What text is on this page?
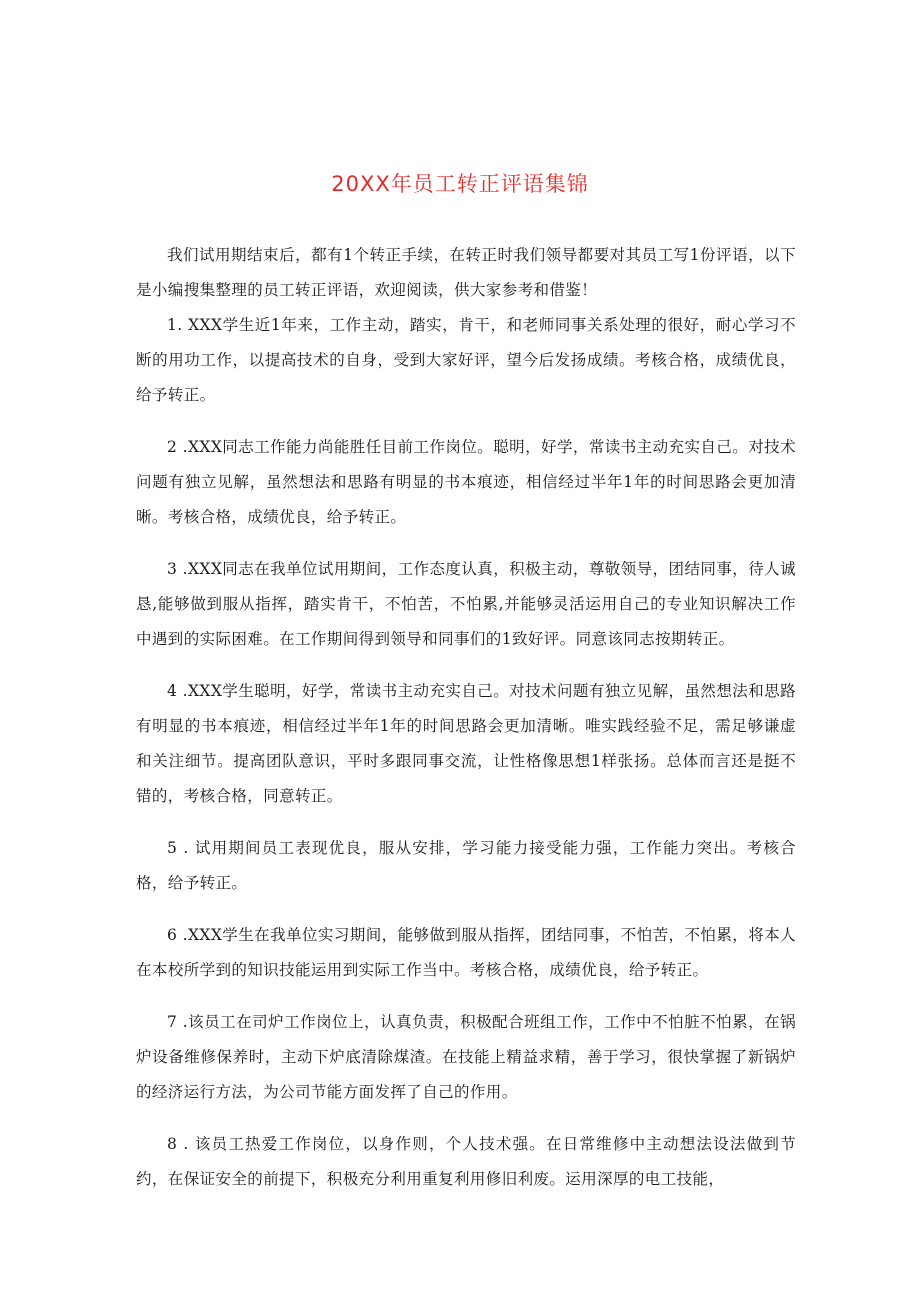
20XX年员工转正评语集锦

我们试用期结束后，都有1个转正手续，在转正时我们领导都要对其员工写1份评语，以下是小编搜集整理的员工转正评语，欢迎阅读，供大家参考和借鉴！

1. XXX学生近1年来，工作主动，踏实，肯干，和老师同事关系处理的很好，耐心学习不断的用功工作，以提高技术的自身，受到大家好评，望今后发扬成绩。考核合格，成绩优良，给予转正。

2 .XXX同志工作能力尚能胜任目前工作岗位。聪明，好学，常读书主动充实自己。对技术问题有独立见解，虽然想法和思路有明显的书本痕迹，相信经过半年1年的时间思路会更加清晰。考核合格，成绩优良，给予转正。

3 .XXX同志在我单位试用期间，工作态度认真，积极主动，尊敬领导，团结同事，待人诚恳,能够做到服从指挥，踏实肯干，不怕苦，不怕累,并能够灵活运用自己的专业知识解决工作中遇到的实际困难。在工作期间得到领导和同事们的1致好评。同意该同志按期转正。

4 .XXX学生聪明，好学，常读书主动充实自己。对技术问题有独立见解，虽然想法和思路有明显的书本痕迹，相信经过半年1年的时间思路会更加清晰。唯实践经验不足，需足够谦虚和关注细节。提高团队意识，平时多跟同事交流，让性格像思想1样张扬。总体而言还是挺不错的，考核合格，同意转正。

5 . 试用期间员工表现优良，服从安排，学习能力接受能力强，工作能力突出。考核合格，给予转正。

6 .XXX学生在我单位实习期间，能够做到服从指挥，团结同事，不怕苦，不怕累，将本人在本校所学到的知识技能运用到实际工作当中。考核合格，成绩优良，给予转正。

7 .该员工在司炉工作岗位上，认真负责，积极配合班组工作，工作中不怕脏不怕累，在锅炉设备维修保养时，主动下炉底清除煤渣。在技能上精益求精，善于学习，很快掌握了新锅炉的经济运行方法，为公司节能方面发挥了自己的作用。

8 . 该员工热爱工作岗位，以身作则，个人技术强。在日常维修中主动想法设法做到节约，在保证安全的前提下，积极充分利用重复利用修旧利废。运用深厚的电工技能，
